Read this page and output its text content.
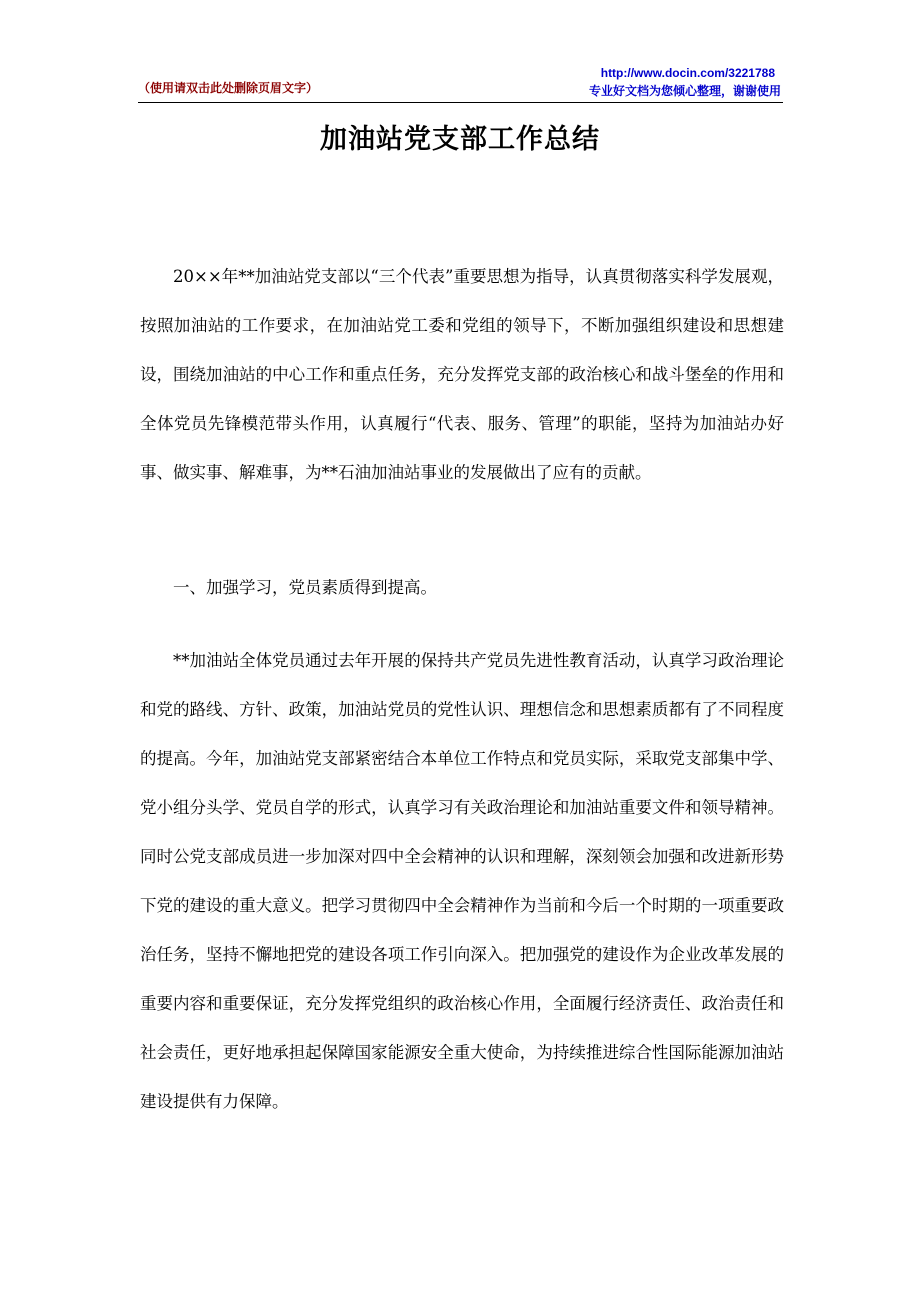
（使用请双击此处删除页眉文字）
http://www.docin.com/3221788
专业好文档为您倾心整理，谢谢使用
加油站党支部工作总结

20××年**加油站党支部以“三个代表”重要思想为指导，认真贯彻落实科学发展观，按照加油站的工作要求，在加油站党工委和党组的领导下，不断加强组织建设和思想建设，围绕加油站的中心工作和重点任务，充分发挥党支部的政治核心和战斗堡垒的作用和全体党员先锋模范带头作用，认真履行“代表、服务、管理”的职能，坚持为加油站办好事、做实事、解难事，为**石油加油站事业的发展做出了应有的贡献。

一、加强学习，党员素质得到提高。

**加油站全体党员通过去年开展的保持共产党员先进性教育活动，认真学习政治理论和党的路线、方针、政策，加油站党员的党性认识、理想信念和思想素质都有了不同程度的提高。今年，加油站党支部紧密结合本单位工作特点和党员实际，采取党支部集中学、党小组分头学、党员自学的形式，认真学习有关政治理论和加油站重要文件和领导精神。同时公党支部成员进一步加深对四中全会精神的认识和理解，深刻领会加强和改进新形势下党的建设的重大意义。把学习贯彻四中全会精神作为当前和今后一个时期的一项重要政治任务，坚持不懈地把党的建设各项工作引向深入。把加强党的建设作为企业改革发展的重要内容和重要保证，充分发挥党组织的政治核心作用，全面履行经济责任、政治责任和社会责任，更好地承担起保障国家能源安全重大使命，为持续推进综合性国际能源加油站建设提供有力保障。
